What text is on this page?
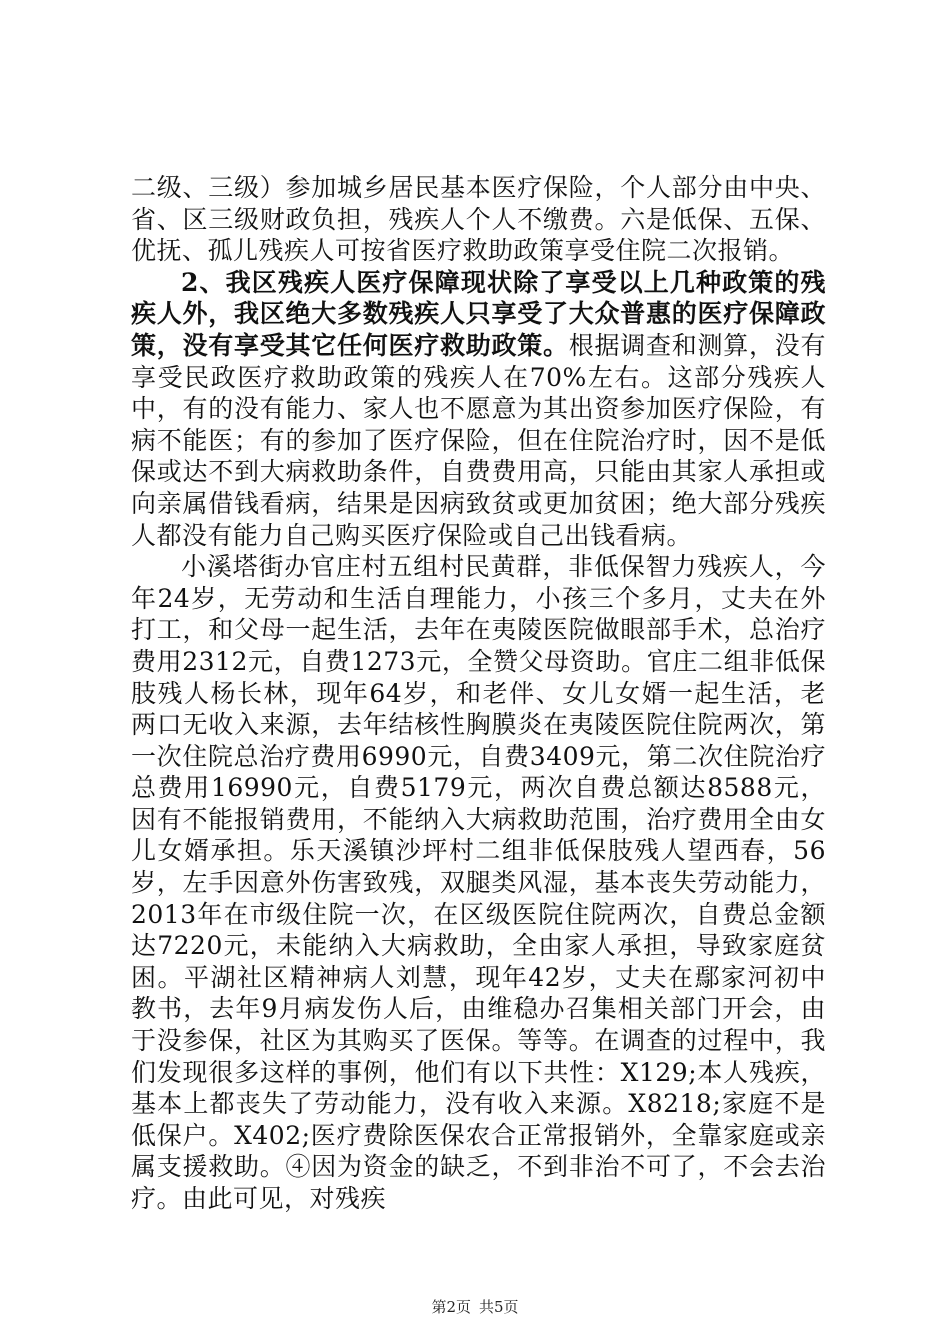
二级、三级）参加城乡居民基本医疗保险，个人部分由中央、省、区三级财政负担，残疾人个人不缴费。六是低保、五保、优抚、孤儿残疾人可按省医疗救助政策享受住院二次报销。

2、我区残疾人医疗保障现状除了享受以上几种政策的残疾人外，我区绝大多数残疾人只享受了大众普惠的医疗保障政策，没有享受其它任何医疗救助政策。根据调查和测算，没有享受民政医疗救助政策的残疾人在70%左右。这部分残疾人中，有的没有能力、家人也不愿意为其出资参加医疗保险，有病不能医；有的参加了医疗保险，但在住院治疗时，因不是低保或达不到大病救助条件，自费费用高，只能由其家人承担或向亲属借钱看病，结果是因病致贫或更加贫困；绝大部分残疾人都没有能力自己购买医疗保险或自己出钱看病。

小溪塔街办官庄村五组村民黄群，非低保智力残疾人，今年24岁，无劳动和生活自理能力，小孩三个多月，丈夫在外打工，和父母一起生活，去年在夷陵医院做眼部手术，总治疗费用2312元，自费1273元，全赞父母资助。官庄二组非低保肢残人杨长林，现年64岁，和老伴、女儿女婿一起生活，老两口无收入来源，去年结核性胸膜炎在夷陵医院住院两次，第一次住院总治疗费用6990元，自费3409元，第二次住院治疗总费用16990元，自费5179元，两次自费总额达8588元，因有不能报销费用，不能纳入大病救助范围，治疗费用全由女儿女婿承担。乐天溪镇沙坪村二组非低保肢残人望西春，56岁，左手因意外伤害致残，双腿类风湿，基本丧失劳动能力，2013年在市级住院一次，在区级医院住院两次，自费总金额达7220元，未能纳入大病救助，全由家人承担，导致家庭贫困。平湖社区精神病人刘慧，现年42岁，丈夫在鄢家河初中教书，去年9月病发伤人后，由维稳办召集相关部门开会，由于没参保，社区为其购买了医保。等等。在调查的过程中，我们发现很多这样的事例，他们有以下共性：X129;本人残疾，基本上都丧失了劳动能力，没有收入来源。X8218;家庭不是低保户。X402;医疗费除医保农合正常报销外，全靠家庭或亲属支援救助。④因为资金的缺乏，不到非治不可了，不会去治疗。由此可见，对残疾

第2页 共5页
